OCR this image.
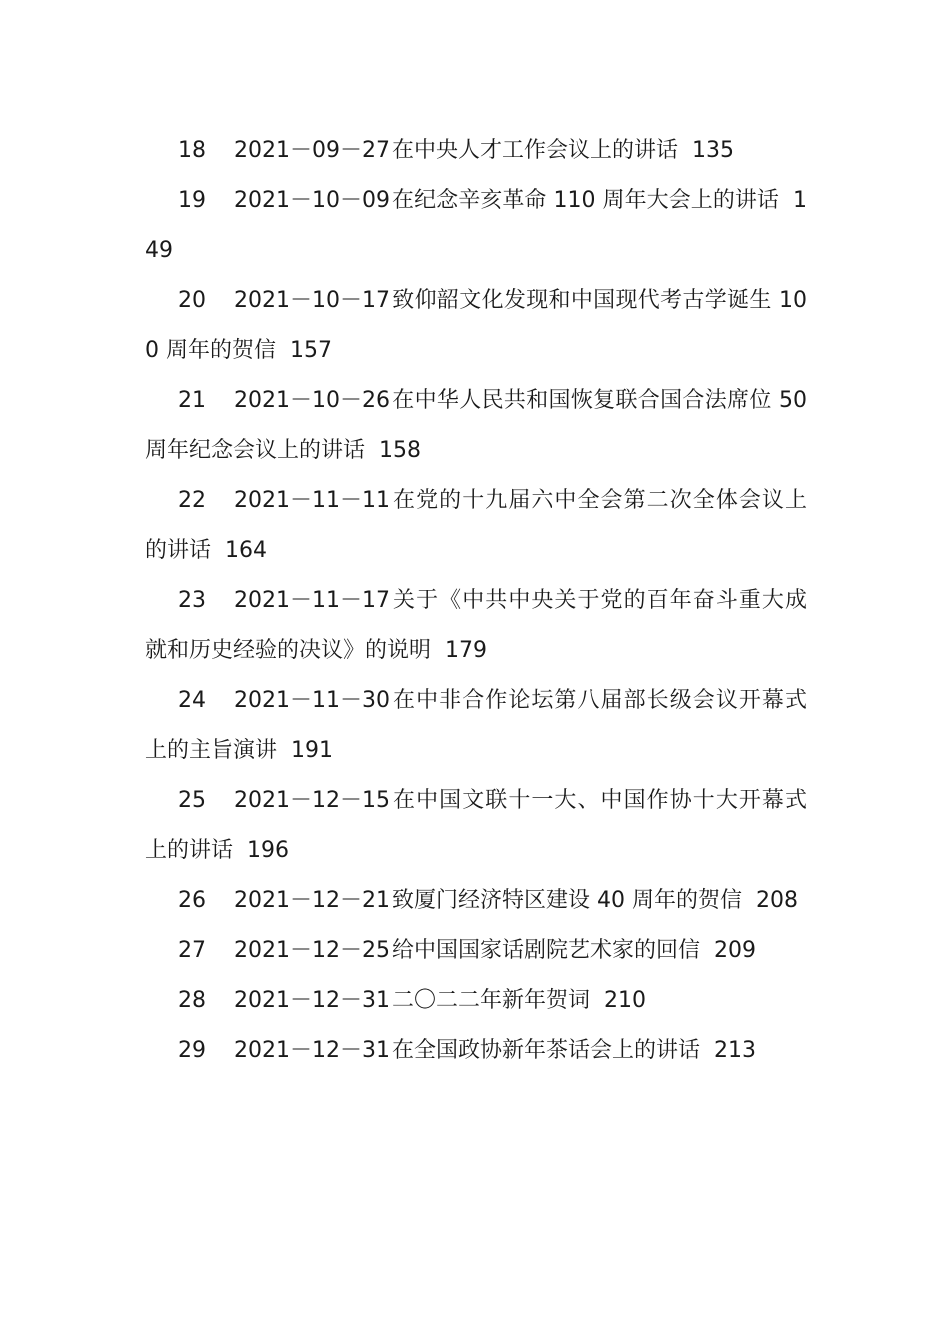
18 2021－09－27在中央人才工作会议上的讲话 135
19 2021－10－09在纪念辛亥革命 110 周年大会上的讲话 149
20 2021－10－17致仰韶文化发现和中国现代考古学诞生 100 周年的贺信 157
21 2021－10－26在中华人民共和国恢复联合国合法席位 50 周年纪念会议上的讲话 158
22 2021－11－11在党的十九届六中全会第二次全体会议上的讲话 164
23 2021－11－17关于《中共中央关于党的百年奋斗重大成就和历史经验的决议》的说明 179
24 2021－11－30在中非合作论坛第八届部长级会议开幕式上的主旨演讲 191
25 2021－12－15在中国文联十一大、中国作协十大开幕式上的讲话 196
26 2021－12－21致厦门经济特区建设 40 周年的贺信 208
27 2021－12－25给中国国家话剧院艺术家的回信 209
28 2021－12－31二〇二二年新年贺词 210
29 2021－12－31在全国政协新年茶话会上的讲话 213
